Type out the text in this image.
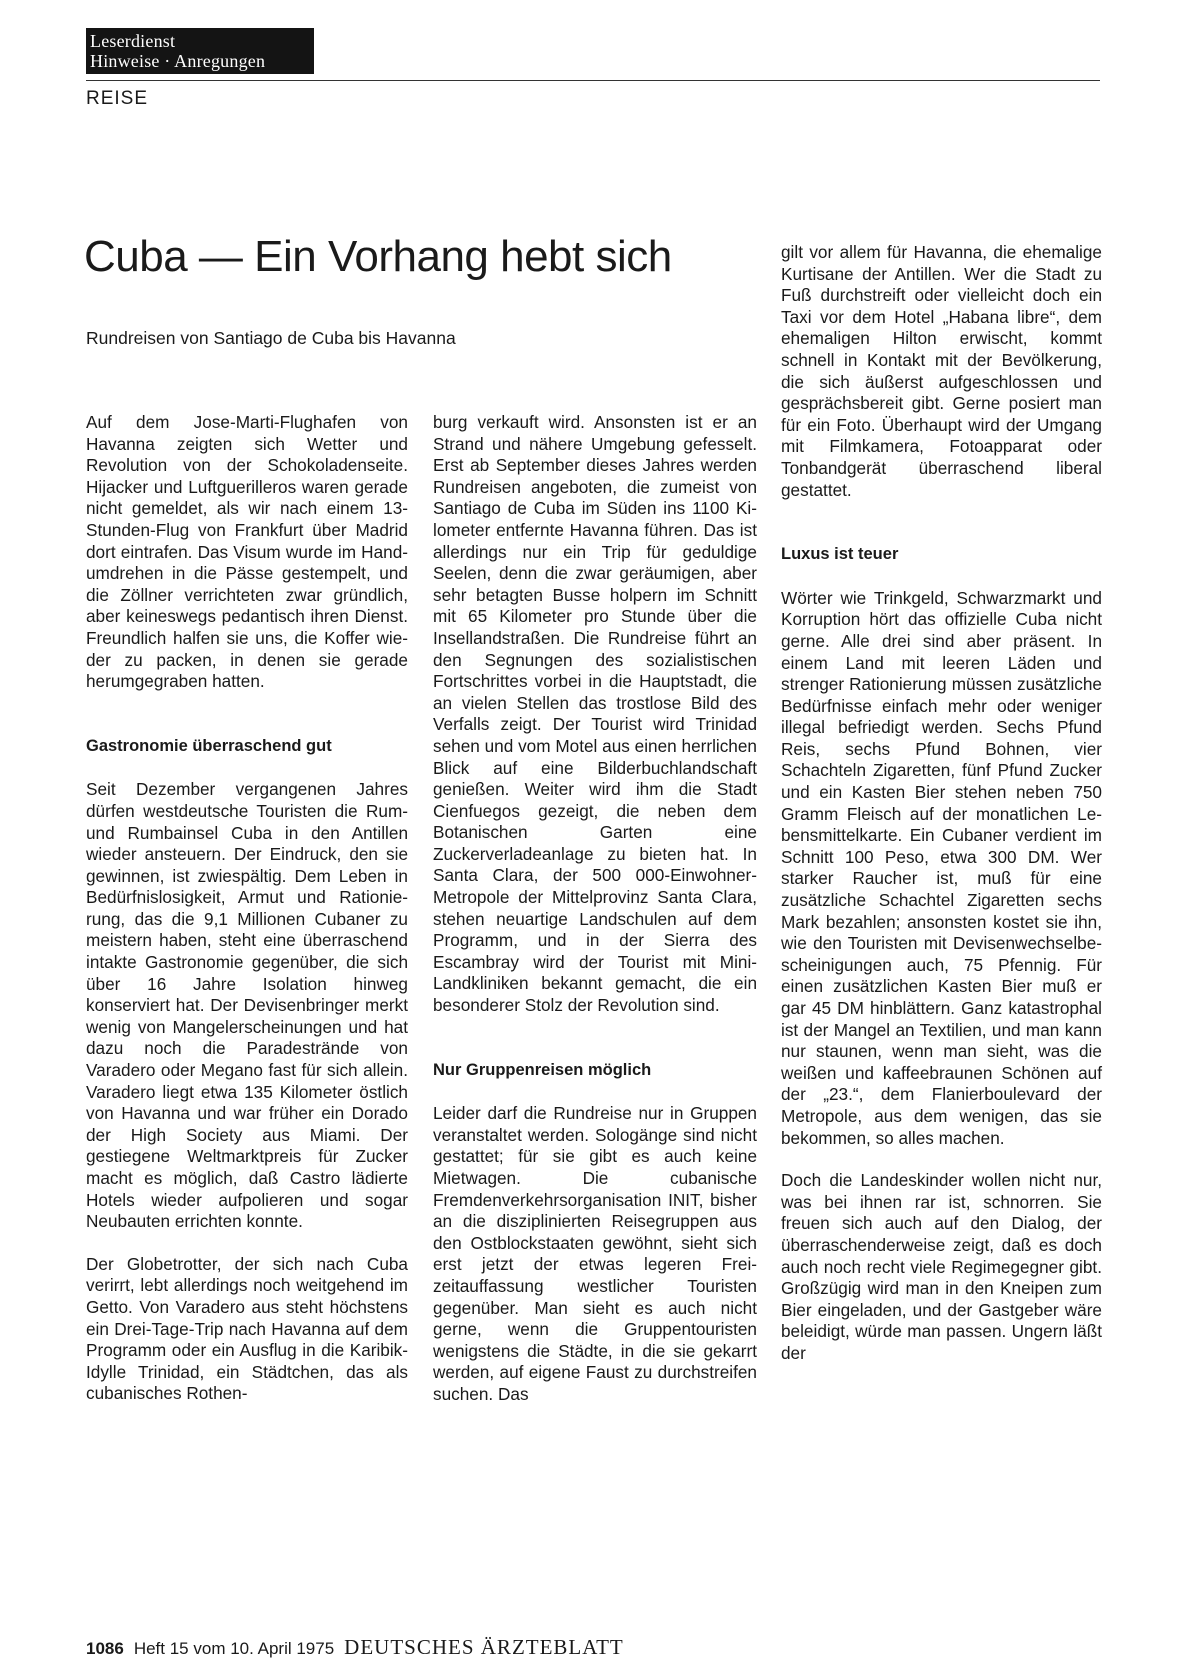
Leserdienst
Hinweise · Anregungen
REISE
Cuba — Ein Vorhang hebt sich
Rundreisen von Santiago de Cuba bis Havanna

Auf dem Jose-Marti-Flughafen von Havanna zeigten sich Wetter und Revolution von der Schokoladenseite. Hijacker und Luftguerilleros waren gerade nicht gemeldet, als wir nach einem 13-Stunden-Flug von Frankfurt über Madrid dort eintrafen. Das Visum wurde im Handumdrehen in die Pässe gestempelt, und die Zöllner verrichteten zwar gründlich, aber keineswegs pedantisch ihren Dienst. Freundlich halfen sie uns, die Koffer wieder zu packen, in denen sie gerade herumgegraben hatten.

Gastronomie überraschend gut

Seit Dezember vergangenen Jahres dürfen westdeutsche Touristen die Rum- und Rumbainsel Cuba in den Antillen wieder ansteuern. Der Eindruck, den sie gewinnen, ist zwiespältig. Dem Leben in Bedürfnislosigkeit, Armut und Rationierung, das die 9,1 Millionen Cubaner zu meistern haben, steht eine überraschend intakte Gastronomie gegenüber, die sich über 16 Jahre Isolation hinweg konserviert hat. Der Devisenbringer merkt wenig von Mangelerscheinungen und hat dazu noch die Paradestrände von Varadero oder Megano fast für sich allein. Varadero liegt etwa 135 Kilometer östlich von Havanna und war früher ein Dorado der High Society aus Miami. Der gestiegene Weltmarktpreis für Zucker macht es möglich, daß Castro lädierte Hotels wieder aufpolieren und sogar Neubauten errichten konnte.

Der Globetrotter, der sich nach Cuba verirrt, lebt allerdings noch weitgehend im Getto. Von Varadero aus steht höchstens ein Drei-Tage-Trip nach Havanna auf dem Programm oder ein Ausflug in die Karibik-Idylle Trinidad, ein Städtchen, das als cubanisches Rothen-

burg verkauft wird. Ansonsten ist er an Strand und nähere Umgebung gefesselt. Erst ab September dieses Jahres werden Rundreisen angeboten, die zumeist von Santiago de Cuba im Süden ins 1100 Kilometer entfernte Havanna führen. Das ist allerdings nur ein Trip für geduldige Seelen, denn die zwar geräumigen, aber sehr betagten Busse holpern im Schnitt mit 65 Kilometer pro Stunde über die Insellandstraßen. Die Rundreise führt an den Segnungen des sozialistischen Fortschrittes vorbei in die Hauptstadt, die an vielen Stellen das trostlose Bild des Verfalls zeigt. Der Tourist wird Trinidad sehen und vom Motel aus einen herrlichen Blick auf eine Bilderbuchlandschaft genießen. Weiter wird ihm die Stadt Cienfuegos gezeigt, die neben dem Botanischen Garten eine Zuckerverladeanlage zu bieten hat. In Santa Clara, der 500 000-Einwohner-Metropole der Mittelprovinz Santa Clara, stehen neuartige Landschulen auf dem Programm, und in der Sierra des Escambray wird der Tourist mit Mini-Landkliniken bekannt gemacht, die ein besonderer Stolz der Revolution sind.

Nur Gruppenreisen möglich

Leider darf die Rundreise nur in Gruppen veranstaltet werden. Sologänge sind nicht gestattet; für sie gibt es auch keine Mietwagen. Die cubanische Fremdenverkehrsorganisation INIT, bisher an die disziplinierten Reisegruppen aus den Ostblockstaaten gewöhnt, sieht sich erst jetzt der etwas legeren Freizeitauffassung westlicher Touristen gegenüber. Man sieht es auch nicht gerne, wenn die Gruppentouristen wenigstens die Städte, in die sie gekarrt werden, auf eigene Faust zu durchstreifen suchen. Das

gilt vor allem für Havanna, die ehemalige Kurtisane der Antillen. Wer die Stadt zu Fuß durchstreift oder vielleicht doch ein Taxi vor dem Hotel „Habana libre“, dem ehemaligen Hilton erwischt, kommt schnell in Kontakt mit der Bevölkerung, die sich äußerst aufgeschlossen und gesprächsbereit gibt. Gerne posiert man für ein Foto. Überhaupt wird der Umgang mit Filmkamera, Fotoapparat oder Tonbandgerät überraschend liberal gestattet.

Luxus ist teuer

Wörter wie Trinkgeld, Schwarzmarkt und Korruption hört das offizielle Cuba nicht gerne. Alle drei sind aber präsent. In einem Land mit leeren Läden und strenger Rationierung müssen zusätzliche Bedürfnisse einfach mehr oder weniger illegal befriedigt werden. Sechs Pfund Reis, sechs Pfund Bohnen, vier Schachteln Zigaretten, fünf Pfund Zucker und ein Kasten Bier stehen neben 750 Gramm Fleisch auf der monatlichen Lebensmittelkarte. Ein Cubaner verdient im Schnitt 100 Peso, etwa 300 DM. Wer starker Raucher ist, muß für eine zusätzliche Schachtel Zigaretten sechs Mark bezahlen; ansonsten kostet sie ihn, wie den Touristen mit Devisenwechselbescheinigungen auch, 75 Pfennig. Für einen zusätzlichen Kasten Bier muß er gar 45 DM hinblättern. Ganz katastrophal ist der Mangel an Textilien, und man kann nur staunen, wenn man sieht, was die weißen und kaffeebraunen Schönen auf der „23.“, dem Flanierboulevard der Metropole, aus dem wenigen, das sie bekommen, so alles machen.

Doch die Landeskinder wollen nicht nur, was bei ihnen rar ist, schnorren. Sie freuen sich auch auf den Dialog, der überraschenderweise zeigt, daß es doch auch noch recht viele Regimegegner gibt. Großzügig wird man in den Kneipen zum Bier eingeladen, und der Gastgeber wäre beleidigt, würde man passen. Ungern läßt der

1086 Heft 15 vom 10. April 1975 DEUTSCHES ÄRZTEBLATT
